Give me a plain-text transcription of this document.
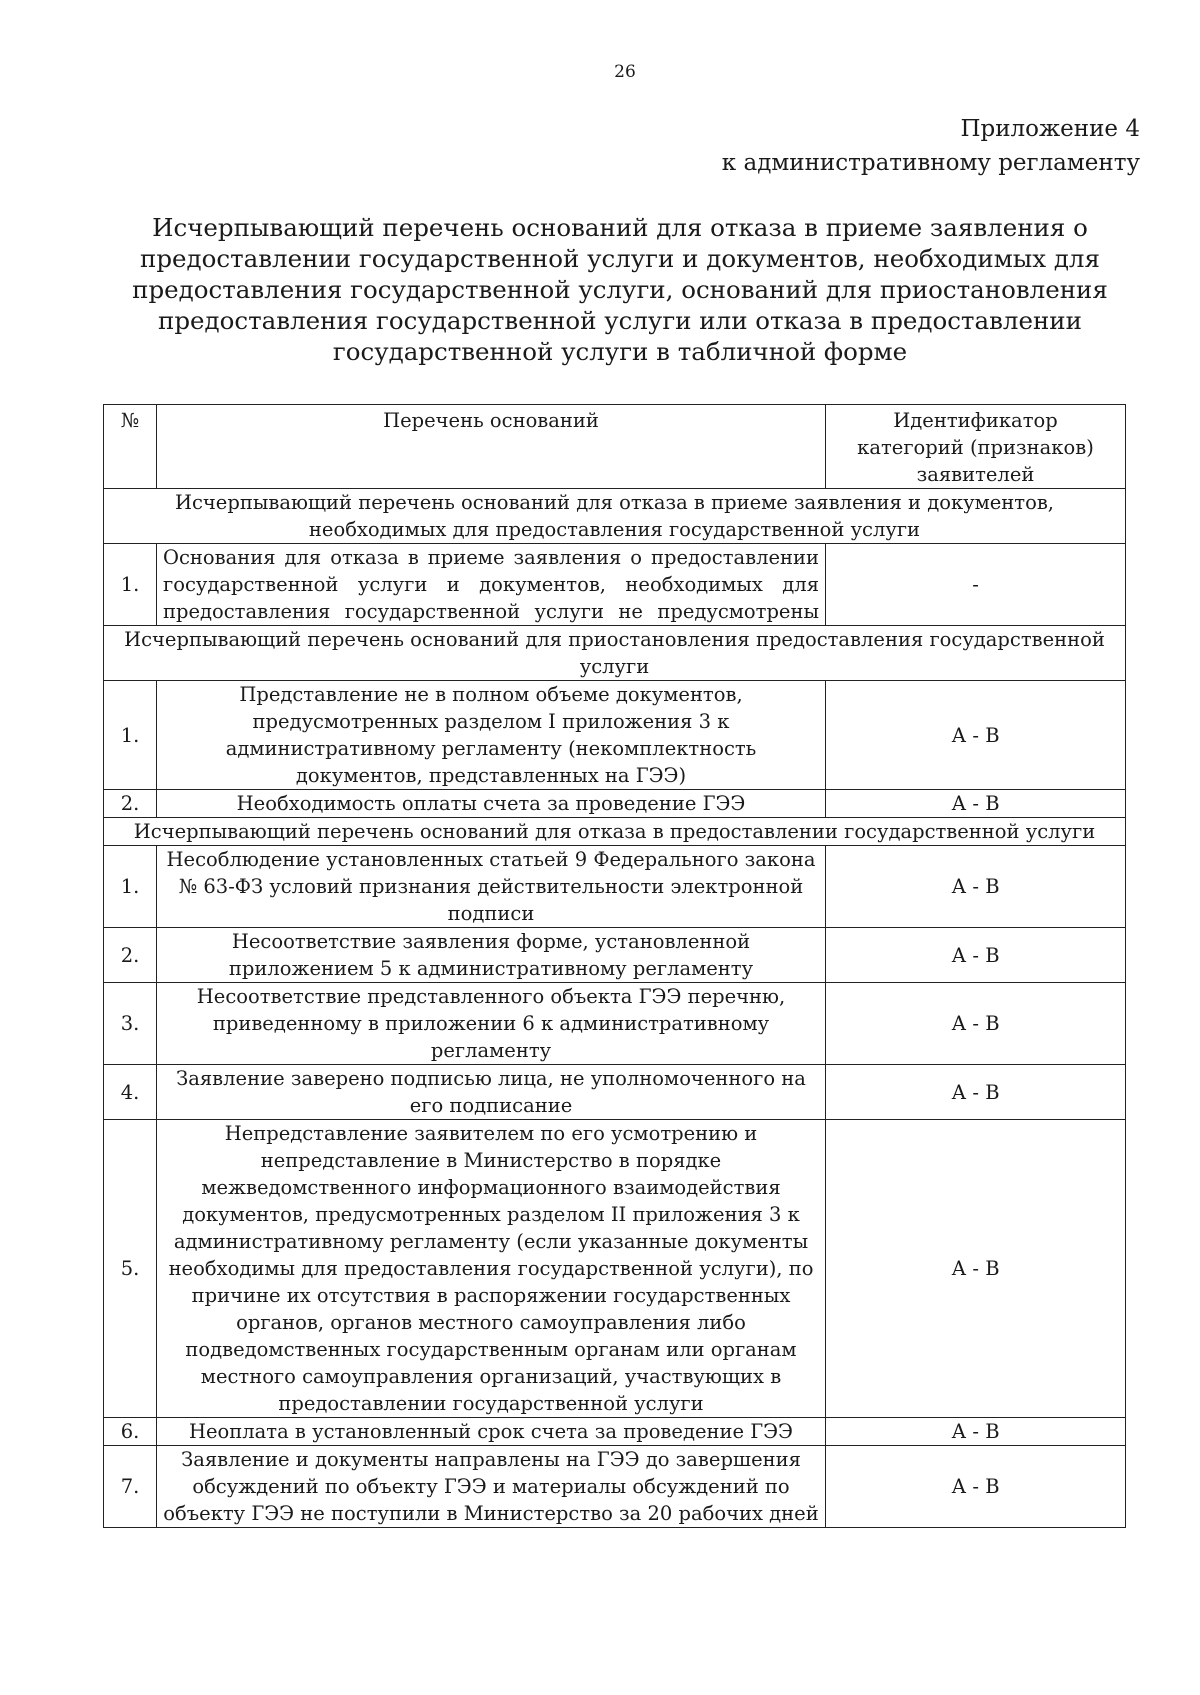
26
Приложение 4
к административному регламенту
Исчерпывающий перечень оснований для отказа в приеме заявления о
предоставлении государственной услуги и документов, необходимых для
предоставления государственной услуги, оснований для приостановления
предоставления государственной услуги или отказа в предоставлении
государственной услуги в табличной форме
№	Перечень оснований	Идентификатор категорий (признаков) заявителей
Исчерпывающий перечень оснований для отказа в приеме заявления и документов, необходимых для предоставления государственной услуги		
1.	Основания для отказа в приеме заявления о предоставлении государственной услуги и документов, необходимых для предоставления государственной услуги не предусмотрены	-
Исчерпывающий перечень оснований для приостановления предоставления государственной услуги		
1.	Представление не в полном объеме документов, предусмотренных разделом I приложения 3 к административному регламенту (некомплектность документов, представленных на ГЭЭ)	А - В
2.	Необходимость оплаты счета за проведение ГЭЭ	А - В
Исчерпывающий перечень оснований для отказа в предоставлении государственной услуги		
1.	Несоблюдение установленных статьей 9 Федерального закона № 63-ФЗ условий признания действительности электронной подписи	А - В
2.	Несоответствие заявления форме, установленной приложением 5 к административному регламенту	А - В
3.	Несоответствие представленного объекта ГЭЭ перечню, приведенному в приложении 6 к административному регламенту	А - В
4.	Заявление заверено подписью лица, не уполномоченного на его подписание	А - В
5.	Непредставление заявителем по его усмотрению и непредставление в Министерство в порядке межведомственного информационного взаимодействия документов, предусмотренных разделом II приложения 3 к административному регламенту (если указанные документы необходимы для предоставления государственной услуги), по причине их отсутствия в распоряжении государственных органов, органов местного самоуправления либо подведомственных государственным органам или органам местного самоуправления организаций, участвующих в предоставлении государственной услуги	А - В
6.	Неоплата в установленный срок счета за проведение ГЭЭ	А - В
7.	Заявление и документы направлены на ГЭЭ до завершения обсуждений по объекту ГЭЭ и материалы обсуждений по объекту ГЭЭ не поступили в Министерство за 20 рабочих дней	А - В
